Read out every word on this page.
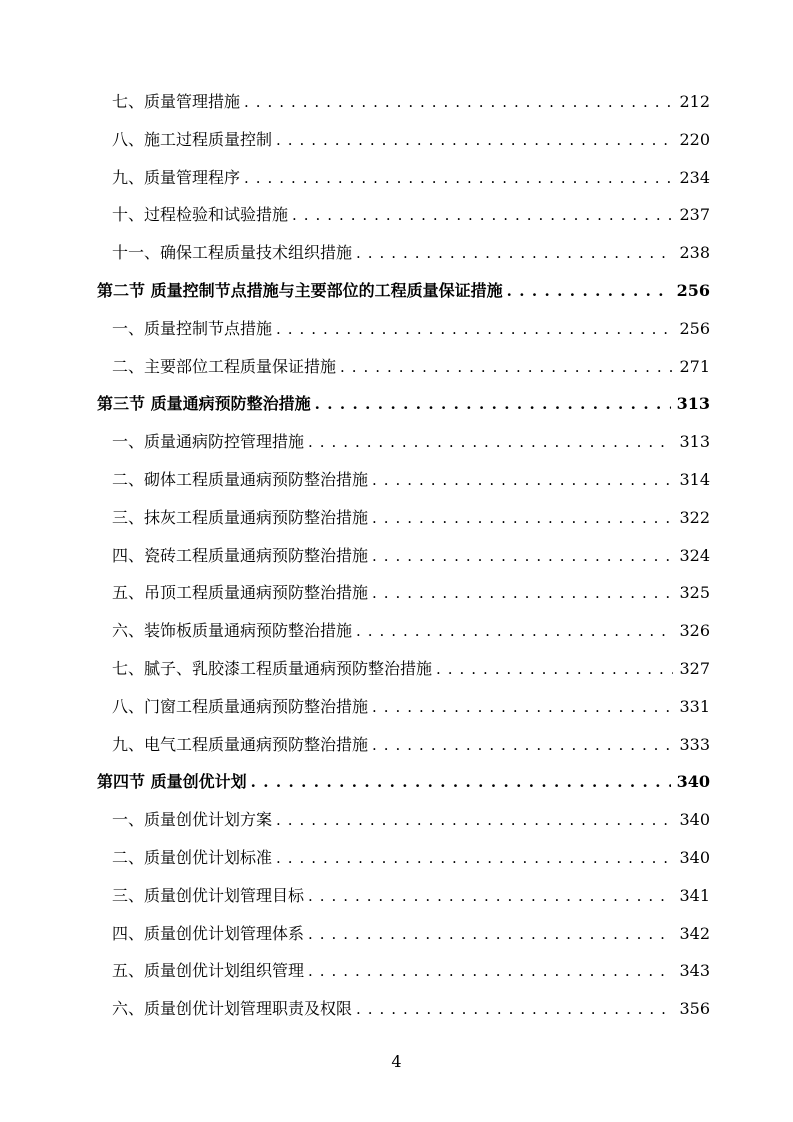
七、质量管理措施 . . .	212
八、施工过程质量控制 . . .	220
九、质量管理程序 . . .	234
十、过程检验和试验措施 . . .	237
十一、确保工程质量技术组织措施 . . .	238
第二节 质量控制节点措施与主要部位的工程质量保证措施 . . .	256
一、质量控制节点措施 . . .	256
二、主要部位工程质量保证措施 . . .	271
第三节 质量通病预防整治措施 . . .	313
一、质量通病防控管理措施 . . .	313
二、砌体工程质量通病预防整治措施 . . .	314
三、抹灰工程质量通病预防整治措施 . . .	322
四、瓷砖工程质量通病预防整治措施 . . .	324
五、吊顶工程质量通病预防整治措施 . . .	325
六、装饰板质量通病预防整治措施 . . .	326
七、腻子、乳胶漆工程质量通病预防整治措施 . . .	327
八、门窗工程质量通病预防整治措施 . . .	331
九、电气工程质量通病预防整治措施 . . .	333
第四节 质量创优计划 . . .	340
一、质量创优计划方案 . . .	340
二、质量创优计划标准 . . .	340
三、质量创优计划管理目标 . . .	341
四、质量创优计划管理体系 . . .	342
五、质量创优计划组织管理 . . .	343
六、质量创优计划管理职责及权限 . . .	356
4
